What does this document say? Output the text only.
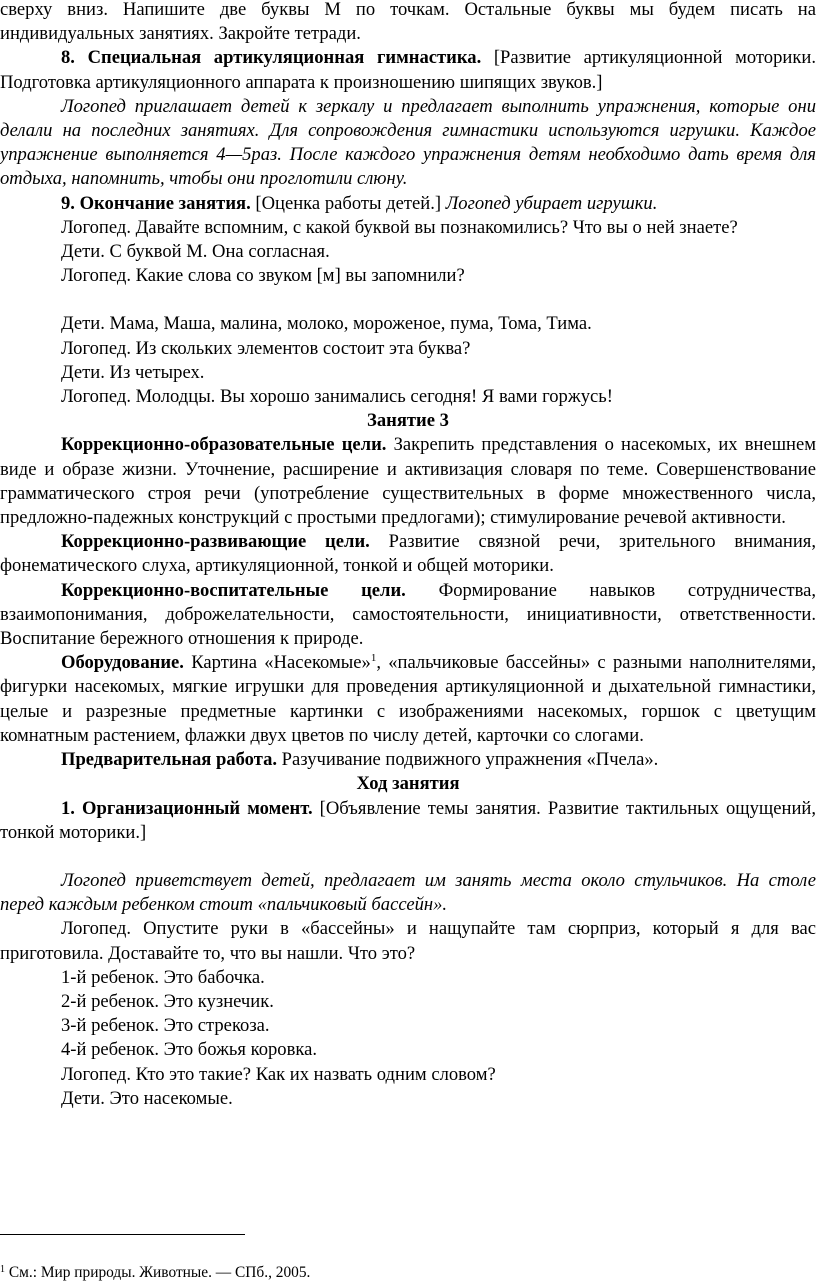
сверху вниз. Напишите две буквы М по точкам. Остальные буквы мы будем писать на индивидуальных занятиях. Закройте тетради.

8. Специальная артикуляционная гимнастика. [Развитие артикуляционной моторики. Подготовка артикуляционного аппарата к произношению шипящих звуков.]

Логопед приглашает детей к зеркалу и предлагает выполнить упражнения, которые они делали на последних занятиях. Для сопровождения гимнастики используются игрушки. Каждое упражнение выполняется 4—5раз. После каждого упражнения детям необходимо дать время для отдыха, напомнить, чтобы они проглотили слюну.

9. Окончание занятия. [Оценка работы детей.] Логопед убирает игрушки.

Логопед. Давайте вспомним, с какой буквой вы познакомились? Что вы о ней знаете?

Дети. С буквой М. Она согласная.

Логопед. Какие слова со звуком [м] вы запомнили?

Дети. Мама, Маша, малина, молоко, мороженое, пума, Тома, Тима.

Логопед. Из скольких элементов состоит эта буква?

Дети. Из четырех.

Логопед. Молодцы. Вы хорошо занимались сегодня! Я вами горжусь!

Занятие 3

Коррекционно-образовательные цели. Закрепить представления о насекомых, их внешнем виде и образе жизни. Уточнение, расширение и активизация словаря по теме. Совершенствование грамматического строя речи (употребление существительных в форме множественного числа, предложно-падежных конструкций с простыми предлогами); стимулирование речевой активности.

Коррекционно-развивающие цели. Развитие связной речи, зрительного внимания, фонематического слуха, артикуляционной, тонкой и общей моторики.

Коррекционно-воспитательные цели. Формирование навыков сотрудничества, взаимопонимания, доброжелательности, самостоятельности, инициативности, ответственности. Воспитание бережного отношения к природе.

Оборудование. Картина «Насекомые»$^1$, «пальчиковые бассейны» с разными наполнителями, фигурки насекомых, мягкие игрушки для проведения артикуляционной и дыхательной гимнастики, целые и разрезные предметные картинки с изображениями насекомых, горшок с цветущим комнатным растением, флажки двух цветов по числу детей, карточки со слогами.

Предварительная работа. Разучивание подвижного упражнения «Пчела».

Ход занятия

1. Организационный момент. [Объявление темы занятия. Развитие тактильных ощущений, тонкой моторики.]

Логопед приветствует детей, предлагает им занять места около стульчиков. На столе перед каждым ребенком стоит «пальчиковый бассейн».

Логопед. Опустите руки в «бассейны» и нащупайте там сюрприз, который я для вас приготовила. Доставайте то, что вы нашли. Что это?

1-й ребенок. Это бабочка.

2-й ребенок. Это кузнечик.

3-й ребенок. Это стрекоза.

4-й ребенок. Это божья коровка.

Логопед. Кто это такие? Как их назвать одним словом?

Дети. Это насекомые.

$^1$ См.: Мир природы. Животные. — СПб., 2005.
